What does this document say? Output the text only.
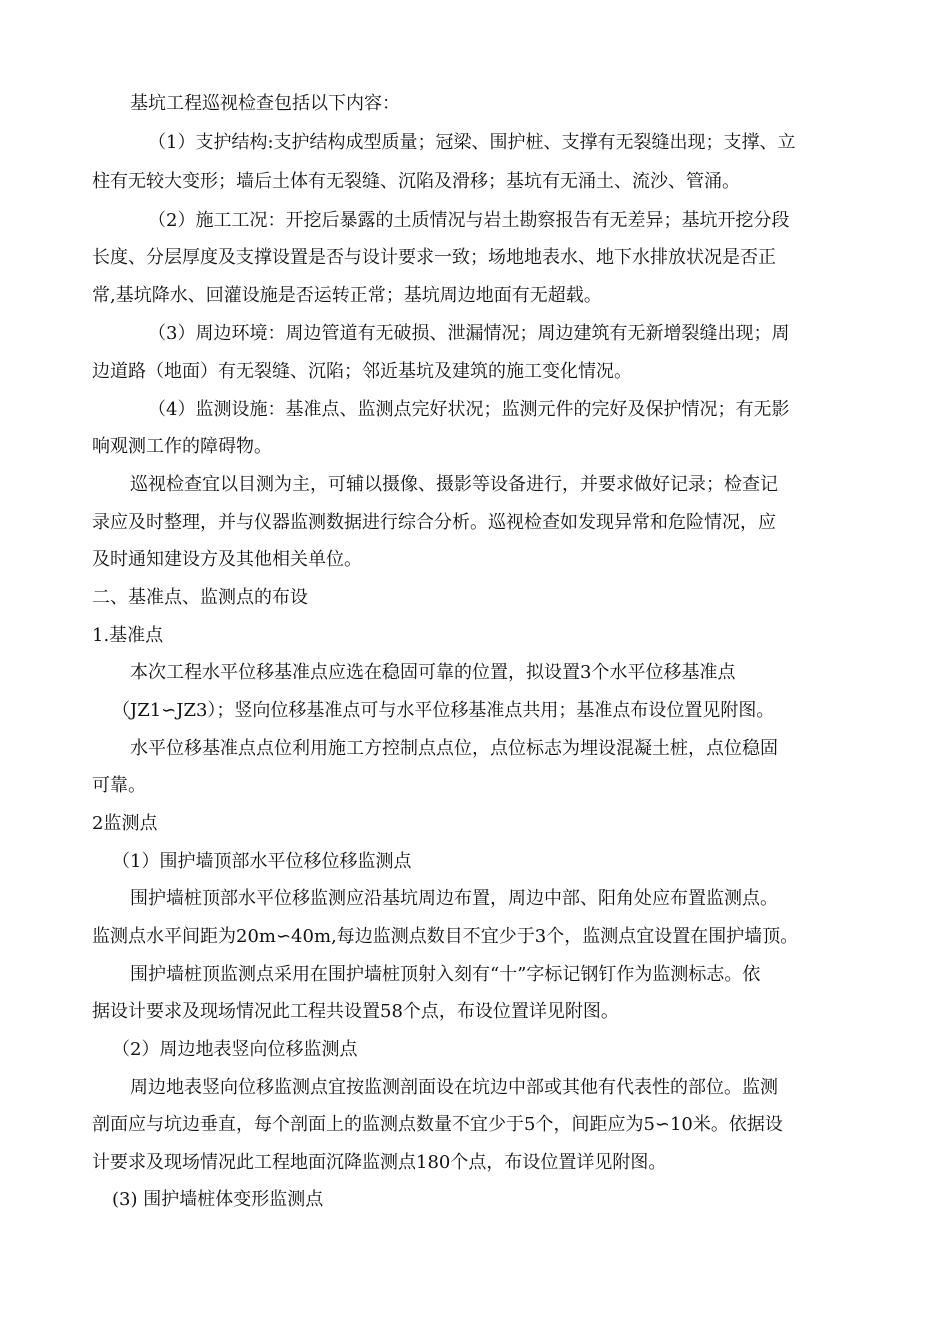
基坑工程巡视检查包括以下内容：
（1）支护结构:支护结构成型质量；冠梁、围护桩、支撑有无裂缝出现；支撑、立
柱有无较大变形；墙后土体有无裂缝、沉陷及滑移；基坑有无涌土、流沙、管涌。
（2）施工工况：开挖后暴露的土质情况与岩土勘察报告有无差异；基坑开挖分段
长度、分层厚度及支撑设置是否与设计要求一致；场地地表水、地下水排放状况是否正
常,基坑降水、回灌设施是否运转正常；基坑周边地面有无超载。
（3）周边环境：周边管道有无破损、泄漏情况；周边建筑有无新增裂缝出现；周
边道路（地面）有无裂缝、沉陷；邻近基坑及建筑的施工变化情况。
（4）监测设施：基准点、监测点完好状况；监测元件的完好及保护情况；有无影
响观测工作的障碍物。
巡视检查宜以目测为主，可辅以摄像、摄影等设备进行，并要求做好记录；检查记
录应及时整理，并与仪器监测数据进行综合分析。巡视检查如发现异常和危险情况，应
及时通知建设方及其他相关单位。
二、基准点、监测点的布设
1.基准点
本次工程水平位移基准点应选在稳固可靠的位置，拟设置3个水平位移基准点
（JZ1∽JZ3）；竖向位移基准点可与水平位移基准点共用；基准点布设位置见附图。
水平位移基准点点位利用施工方控制点点位，点位标志为埋设混凝土桩，点位稳固
可靠。
2监测点
（1）围护墙顶部水平位移位移监测点
围护墙桩顶部水平位移监测应沿基坑周边布置，周边中部、阳角处应布置监测点。
监测点水平间距为20m∽40m,每边监测点数目不宜少于3个，监测点宜设置在围护墙顶。
围护墙桩顶监测点采用在围护墙桩顶射入刻有“十”字标记钢钉作为监测标志。依
据设计要求及现场情况此工程共设置58个点，布设位置详见附图。
（2）周边地表竖向位移监测点
周边地表竖向位移监测点宜按监测剖面设在坑边中部或其他有代表性的部位。监测
剖面应与坑边垂直，每个剖面上的监测点数量不宜少于5个，间距应为5∽10米。依据设
计要求及现场情况此工程地面沉降监测点180个点，布设位置详见附图。
(3) 围护墙桩体变形监测点
